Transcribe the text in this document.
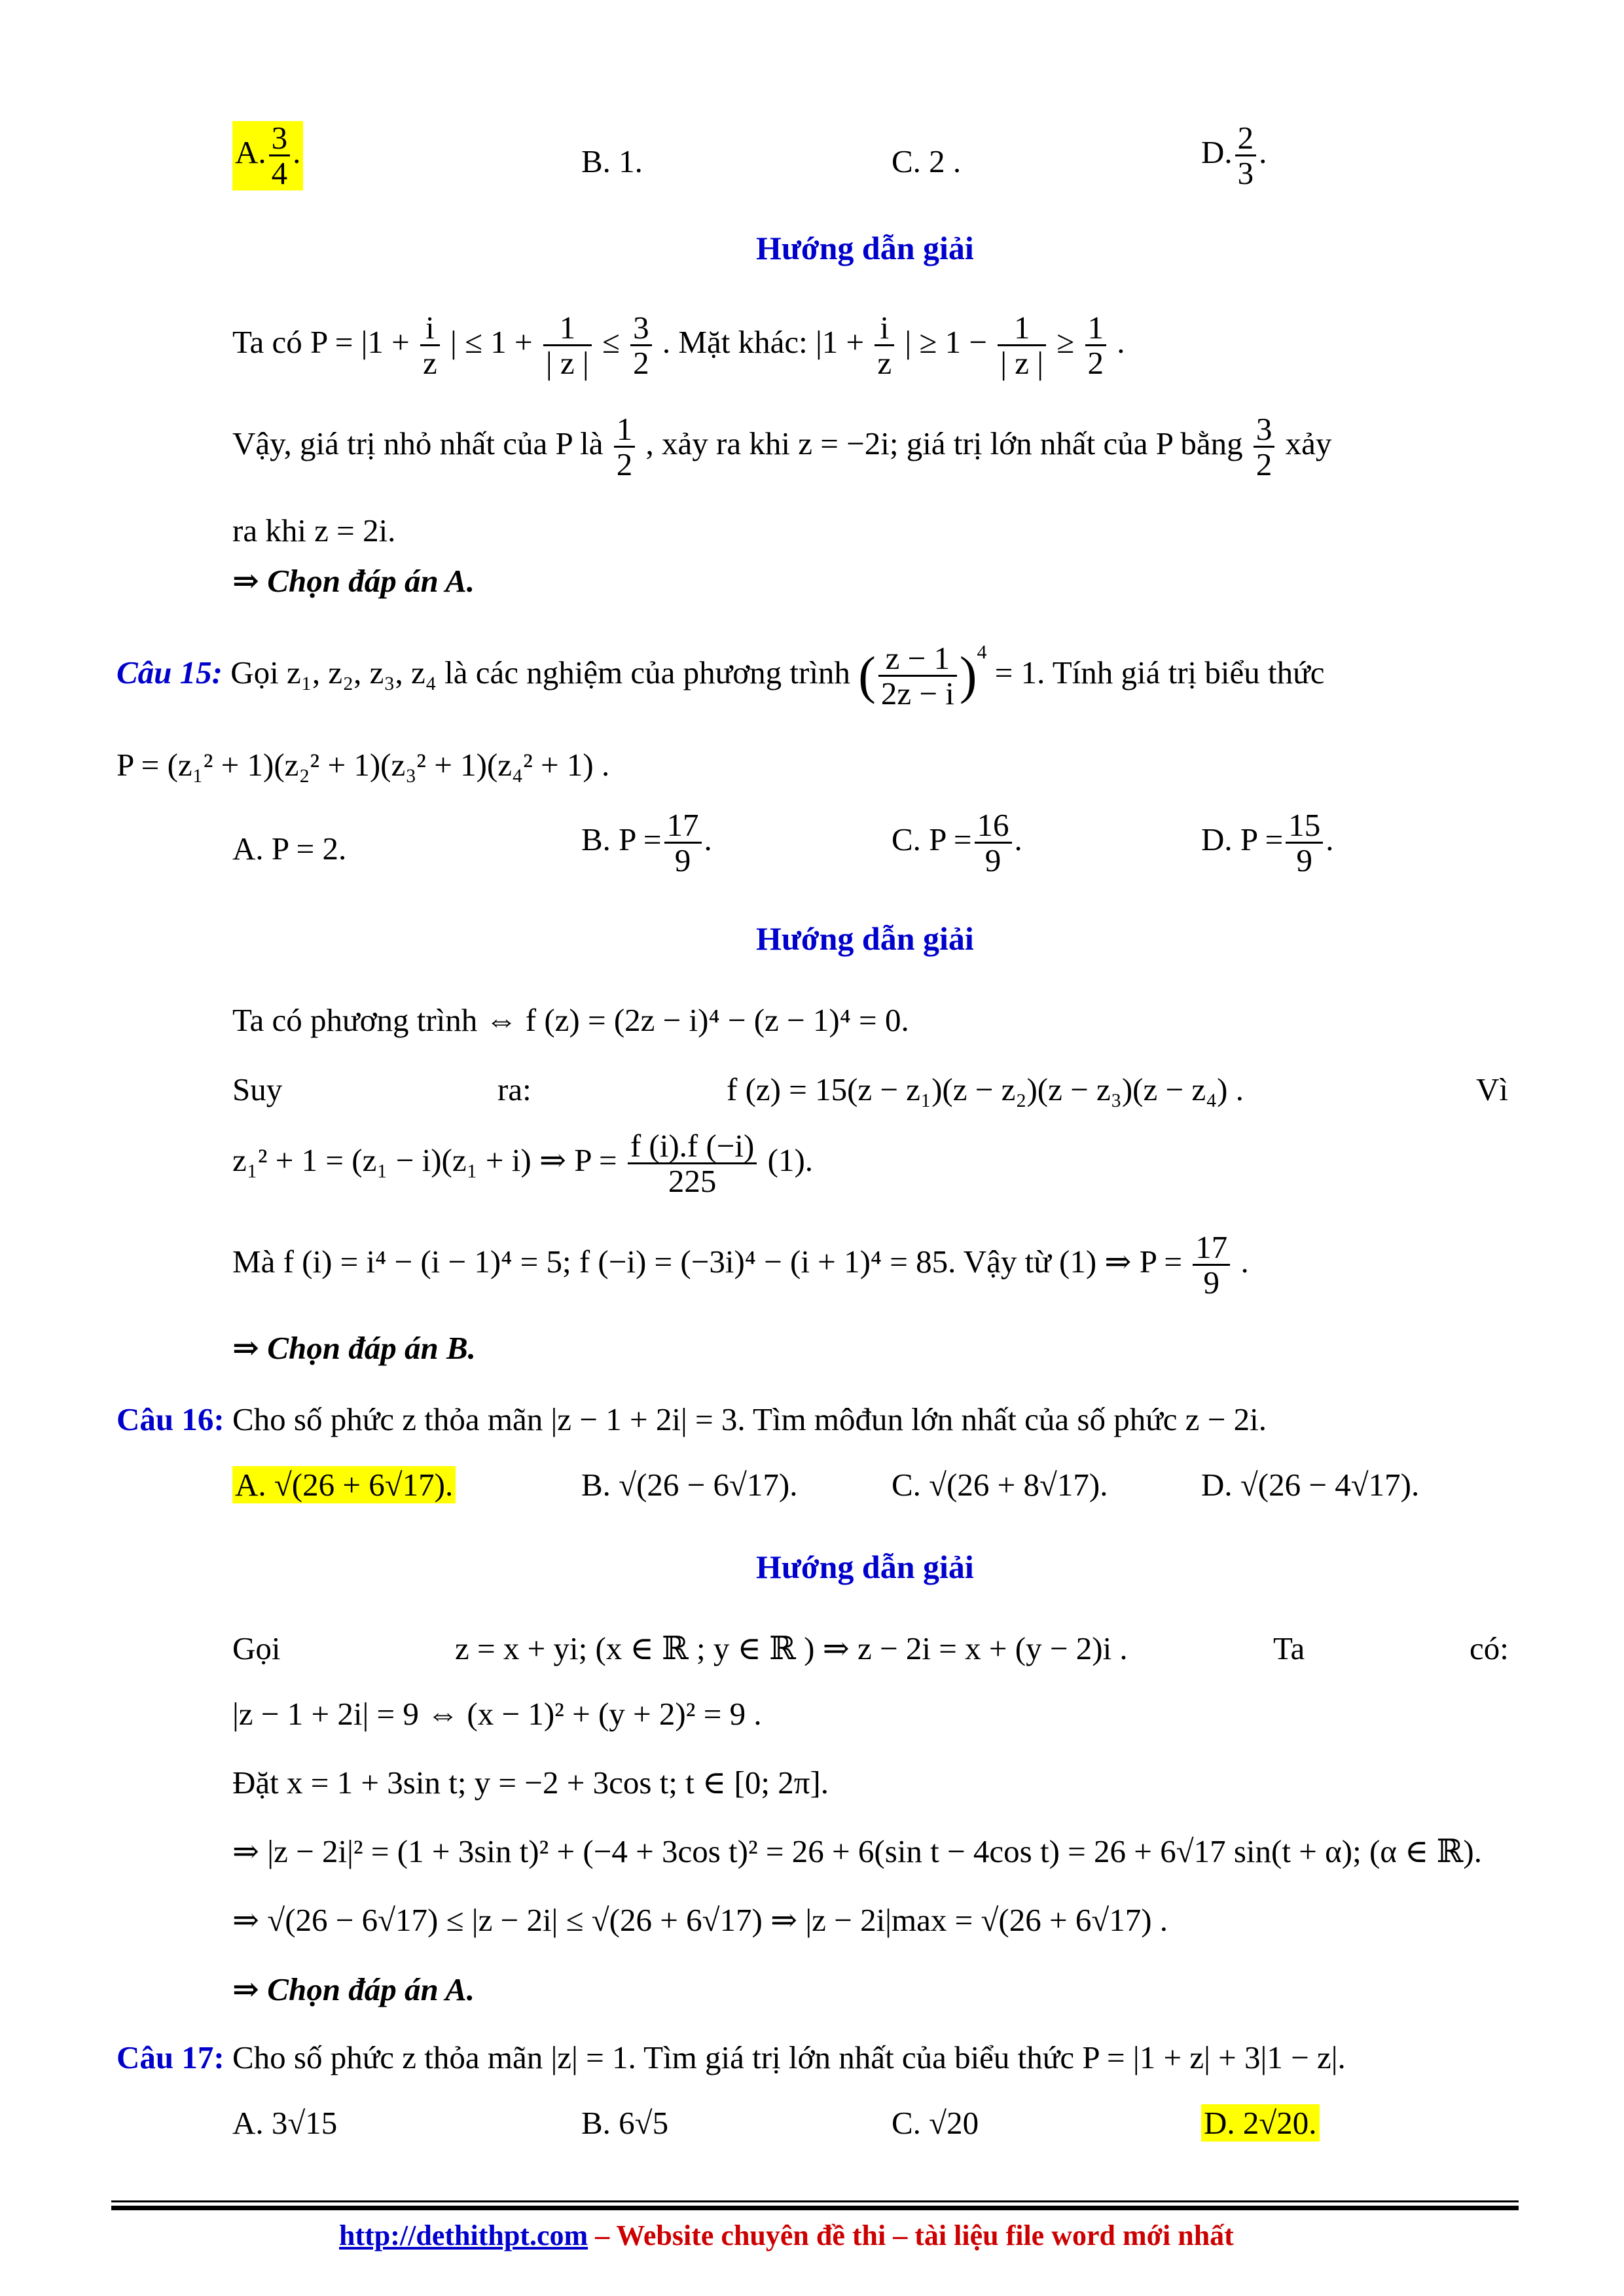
A. $\frac{3}{4}$ .	B. 1.	C. 2 .	D. $\frac{2}{3}$ .
Hướng dẫn giải
Ta có $P = |1 + \frac{i}{z}$ | ≤ $1 + \frac{1}{| z |} \le \frac{3}{2}$ . Mặt khác: $|1 + \frac{i}{z}$ | ≥ $1 - \frac{1}{| z |} \ge \frac{1}{2}$ .
Vậy, giá trị nhỏ nhất của P là $\frac{1}{2}$ , xảy ra khi z = −2i; giá trị lớn nhất của P bằng $\frac{3}{2}$ xảy
ra khi z = 2i.
⇒ Chọn đáp án A.
Câu 15: Gọi z₁, z₂, z₃, z₄ là các nghiệm của phương trình ( $\frac{z - 1}{2z - i} )^4 = 1$. Tính giá trị biểu thức
P = (z₁² + 1)(z₂² + 1)(z₃² + 1)(z₄² + 1) .
A. P = 2.	B. $P = \frac{17}{9}$ .	C. $P = \frac{16}{9}$ .	D. $P = \frac{15}{9}$ .
Hướng dẫn giải
Ta có phương trình ⇔ f (z) = (2z − i)⁴ − (z − 1)⁴ = 0.
Suy	ra:	f (z) = 15(z − z₁)(z − z₂)(z − z₃)(z − z₄) .	Vì
z₁² + 1 = (z₁ − i)(z₁ + i) ⇒ $P = \frac{f (i).f (-i)}{225} (1)$.
Mà f (i) = i⁴ − (i − 1)⁴ = 5; f (−i) = (−3i)⁴ − (i + 1)⁴ = 85. Vậy từ (1) ⇒ $P = \frac{17}{9}$ .
⇒ Chọn đáp án B.
Câu 16: Cho số phức z thỏa mãn |z − 1 + 2i| = 3. Tìm môđun lớn nhất của số phức z − 2i.
A. √(26 + 6√17).	B. √(26 − 6√17).	C. √(26 + 8√17).	D. √(26 − 4√17).
Hướng dẫn giải
Gọi	z = x + yi; (x ∈ ℝ ; y ∈ ℝ ) ⇒ z − 2i = x + (y − 2)i .	Ta	có:
|z − 1 + 2i| = 9 ⇔ (x − 1)² + (y + 2)² = 9 .
Đặt x = 1 + 3sin t; y = −2 + 3cos t; t ∈ [0; 2π].
⇒ |z − 2i|² = (1 + 3sin t)² + (−4 + 3cos t)² = 26 + 6(sin t − 4cos t) = 26 + 6√17 sin(t + α); (α ∈ ℝ).
⇒ √(26 − 6√17) ≤ |z − 2i| ≤ √(26 + 6√17) ⇒ |z − 2i|max = √(26 + 6√17) .
⇒ Chọn đáp án A.
Câu 17: Cho số phức z thỏa mãn |z| = 1. Tìm giá trị lớn nhất của biểu thức P = |1 + z| + 3|1 − z|.
A. 3√15	B. 6√5	C. √20	D. 2√20.
http://dethithpt.com – Website chuyên đề thi – tài liệu file word mới nhất
